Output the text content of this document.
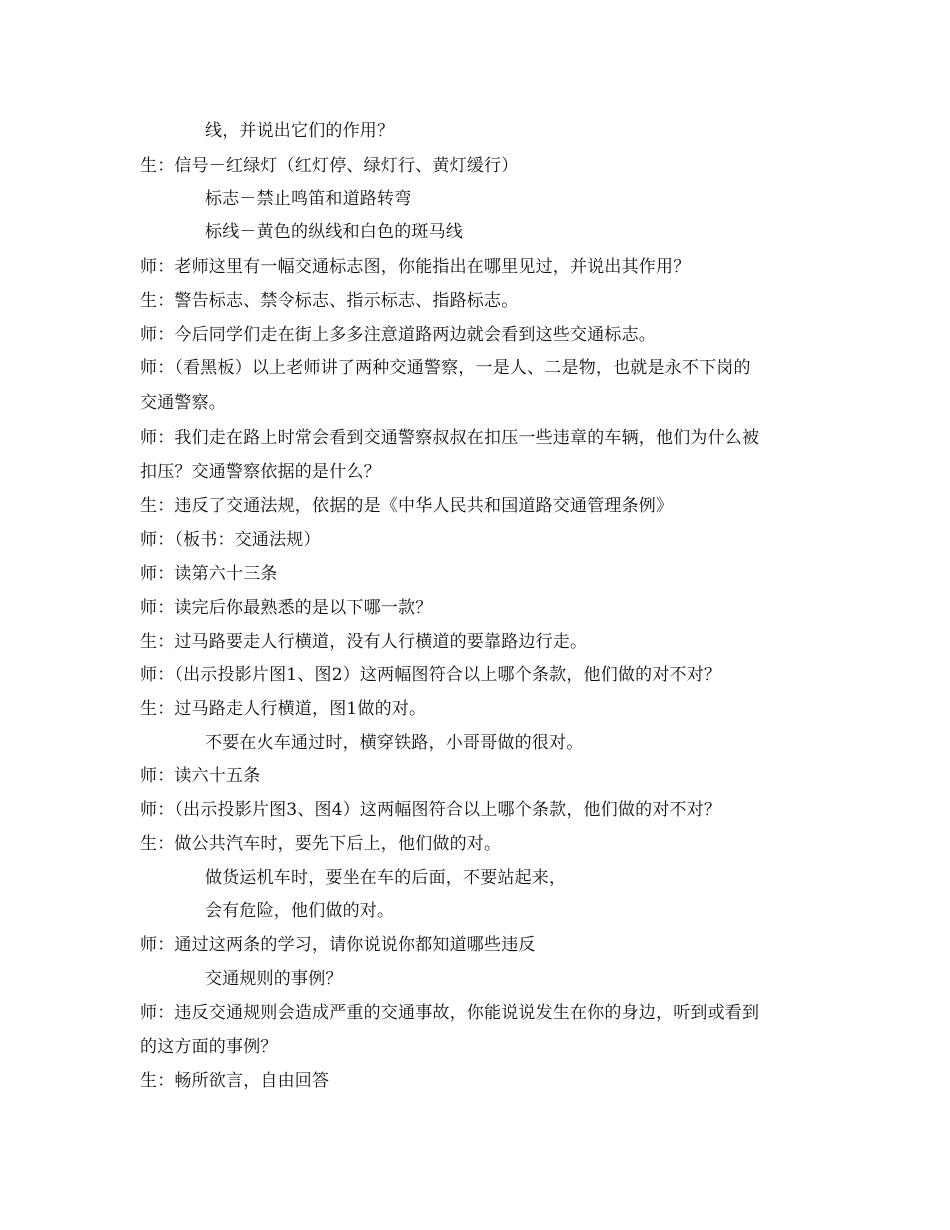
线，并说出它们的作用？
生：信号－红绿灯（红灯停、绿灯行、黄灯缓行）
标志－禁止鸣笛和道路转弯
标线－黄色的纵线和白色的斑马线
师：老师这里有一幅交通标志图，你能指出在哪里见过，并说出其作用？
生：警告标志、禁令标志、指示标志、指路标志。
师：今后同学们走在街上多多注意道路两边就会看到这些交通标志。
师：（看黑板）以上老师讲了两种交通警察，一是人、二是物，也就是永不下岗的
交通警察。
师：我们走在路上时常会看到交通警察叔叔在扣压一些违章的车辆，他们为什么被
扣压？交通警察依据的是什么？
生：违反了交通法规，依据的是《中华人民共和国道路交通管理条例》
师：（板书：交通法规）
师：读第六十三条
师：读完后你最熟悉的是以下哪一款？
生：过马路要走人行横道，没有人行横道的要靠路边行走。
师：（出示投影片图1、图2）这两幅图符合以上哪个条款，他们做的对不对？
生：过马路走人行横道，图1做的对。
不要在火车通过时，横穿铁路，小哥哥做的很对。
师：读六十五条
师：（出示投影片图3、图4）这两幅图符合以上哪个条款，他们做的对不对？
生：做公共汽车时，要先下后上，他们做的对。
做货运机车时，要坐在车的后面，不要站起来，
会有危险，他们做的对。
师：通过这两条的学习，请你说说你都知道哪些违反
交通规则的事例？
师：违反交通规则会造成严重的交通事故，你能说说发生在你的身边，听到或看到
的这方面的事例？
生：畅所欲言，自由回答
